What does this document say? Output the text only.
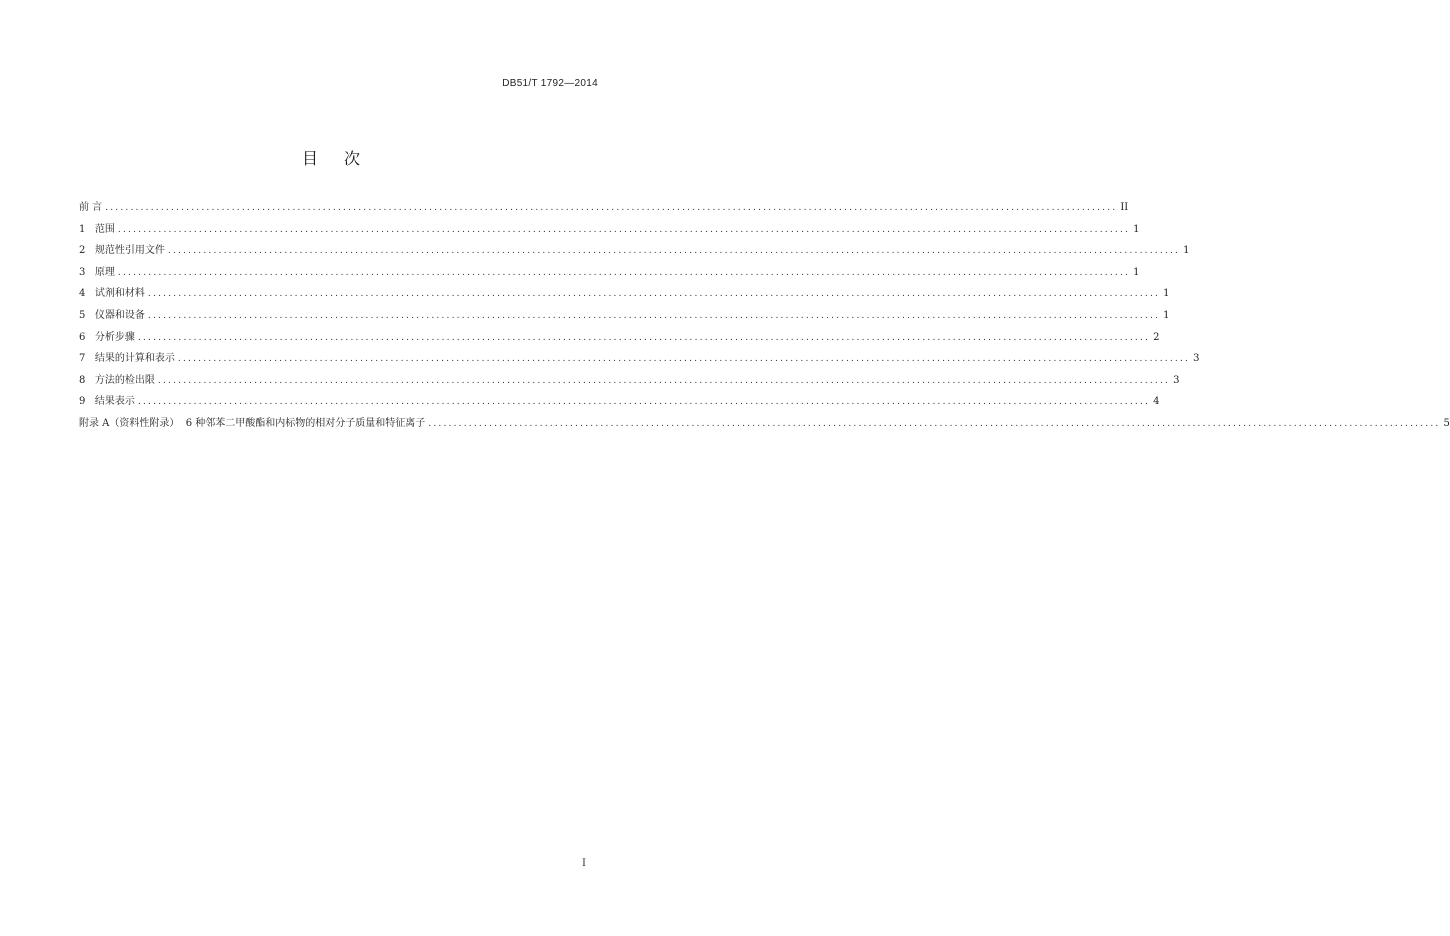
DB51/T 1792—2014
目 次
前 言 ........................................................................................................................................................................................................ II
1
范围 ........................................................................................................................................................................................................ 1
2
规范性引用文件 ........................................................................................................................................................................................................ 1
3
原理 ........................................................................................................................................................................................................ 1
4
试剂和材料 ........................................................................................................................................................................................................ 1
5
仪器和设备 ........................................................................................................................................................................................................ 1
6
分析步骤 ........................................................................................................................................................................................................ 2
7
结果的计算和表示 ........................................................................................................................................................................................................ 3
8
方法的检出限 ........................................................................................................................................................................................................ 3
9
结果表示 ........................................................................................................................................................................................................ 4
附录 A（资料性附录）  6 种邻苯二甲酸酯和内标物的相对分子质量和特征离子 ........................................................................................................................................................................................................ 5
I
